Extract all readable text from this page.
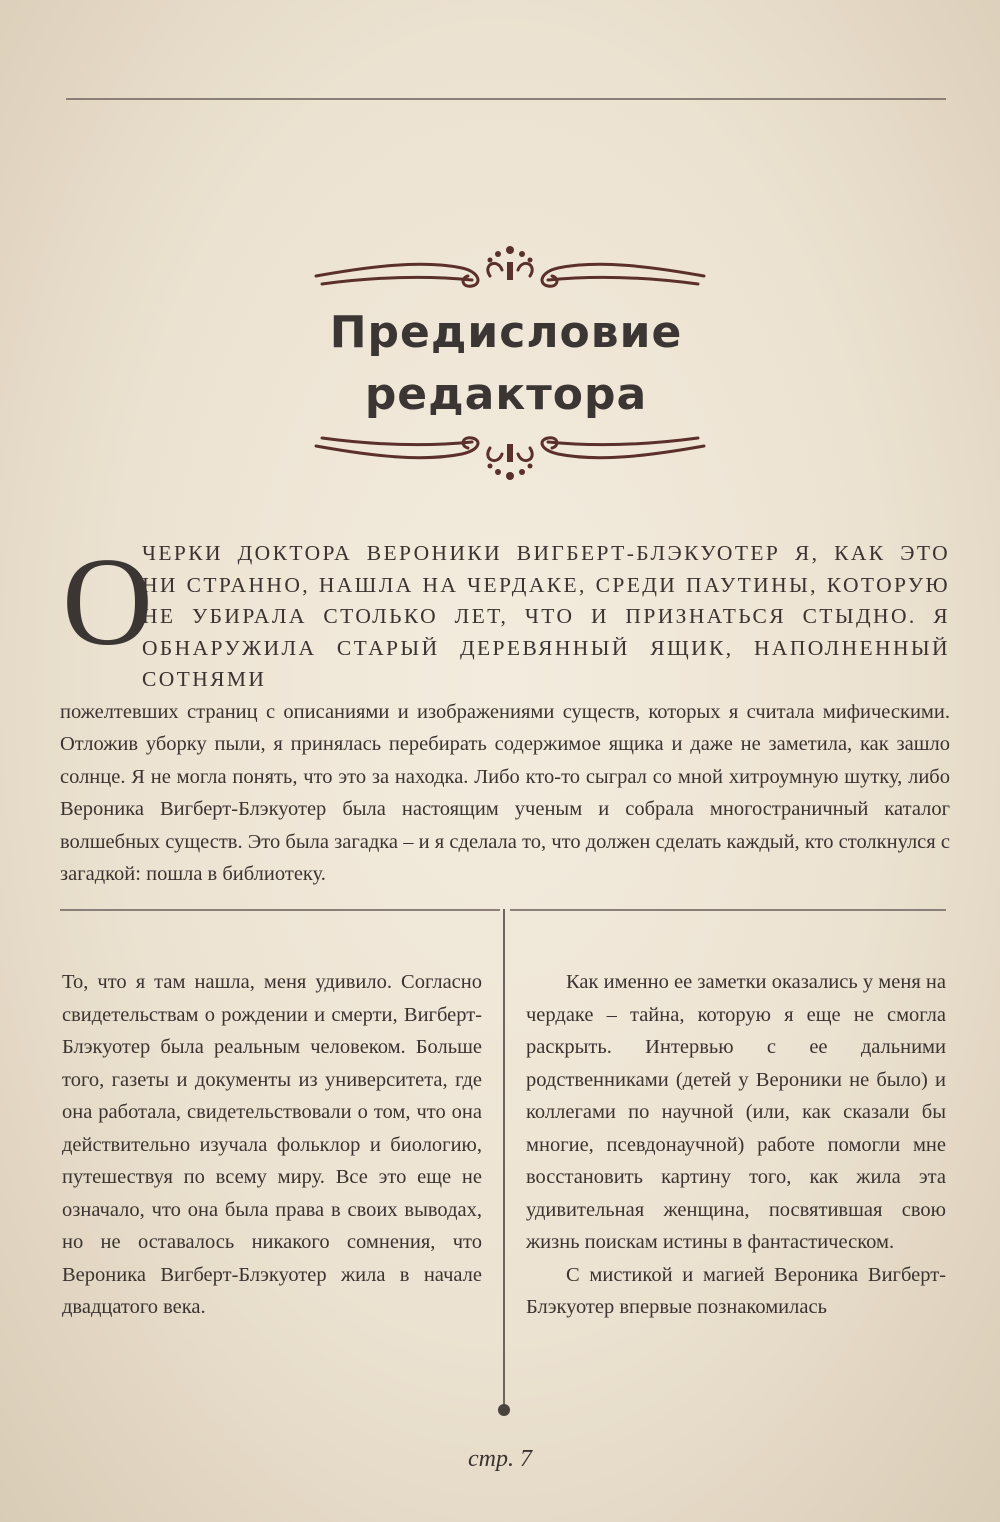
Предисловие
редактора
О
ЧЕРКИ ДОКТОРА ВЕРОНИКИ ВИГБЕРТ-БЛЭКУОТЕР Я, КАК ЭТО НИ СТРАННО, НАШЛА НА ЧЕРДАКЕ, СРЕДИ ПАУТИНЫ, КОТОРУЮ НЕ УБИРАЛА СТОЛЬКО ЛЕТ, ЧТО И ПРИЗНАТЬСЯ СТЫДНО. Я ОБНАРУЖИЛА СТАРЫЙ ДЕРЕВЯННЫЙ ЯЩИК, НАПОЛНЕННЫЙ СОТНЯМИ
пожелтевших страниц с описаниями и изображениями существ, которых я считала мифическими. Отложив уборку пыли, я принялась перебирать содержимое ящика и даже не заметила, как зашло солнце. Я не могла понять, что это за находка. Либо кто-то сыграл со мной хитроумную шутку, либо Вероника Вигберт-Блэкуотер была настоящим ученым и собрала многостраничный каталог волшебных существ. Это была загадка – и я сделала то, что должен сделать каждый, кто столкнулся с загадкой: пошла в библиотеку.

То, что я там нашла, меня удивило. Согласно свидетельствам о рождении и смерти, Вигберт-Блэкуотер была реальным человеком. Больше того, газеты и документы из университета, где она работала, свидетельствовали о том, что она действительно изучала фольклор и биологию, путешествуя по всему миру. Все это еще не означало, что она была права в своих выводах, но не оставалось никакого сомнения, что Вероника Вигберт-Блэкуотер жила в начале двадцатого века.

Как именно ее заметки оказались у меня на чердаке – тайна, которую я еще не смогла раскрыть. Интервью с ее дальними родственниками (детей у Вероники не было) и коллегами по научной (или, как сказали бы многие, псевдонаучной) работе помогли мне восстановить картину того, как жила эта удивительная женщина, посвятившая свою жизнь поискам истины в фантастическом.

С мистикой и магией Вероника Вигберт-Блэкуотер впервые познакомилась

стр. 7
